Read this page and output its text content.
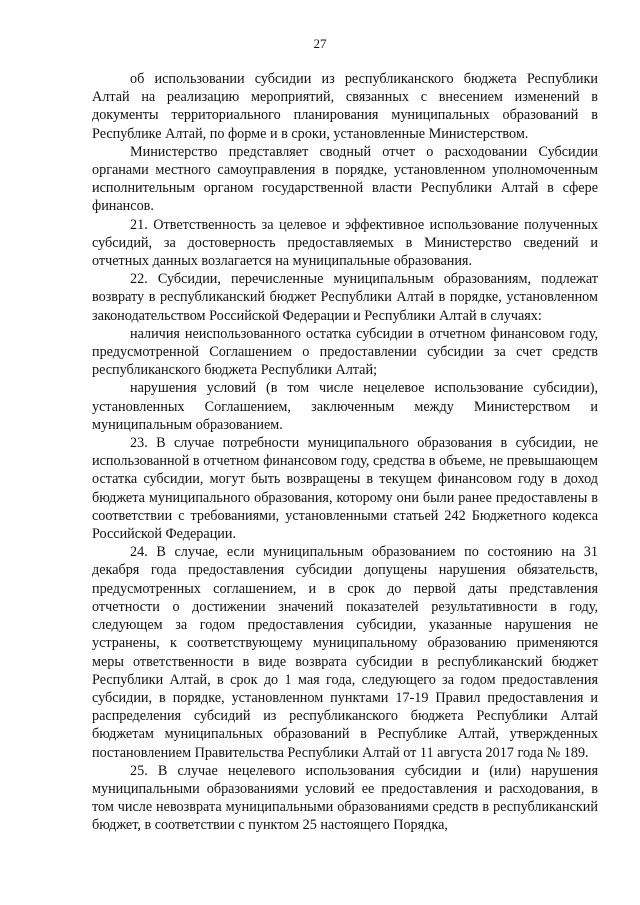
27

об использовании субсидии из республиканского бюджета Республики Алтай на реализацию мероприятий, связанных с внесением изменений в документы территориального планирования муниципальных образований в Республике Алтай, по форме и в сроки, установленные Министерством.

Министерство представляет сводный отчет о расходовании Субсидии органами местного самоуправления в порядке, установленном уполномоченным исполнительным органом государственной власти Республики Алтай в сфере финансов.

21. Ответственность за целевое и эффективное использование полученных субсидий, за достоверность предоставляемых в Министерство сведений и отчетных данных возлагается на муниципальные образования.

22. Субсидии, перечисленные муниципальным образованиям, подлежат возврату в республиканский бюджет Республики Алтай в порядке, установленном законодательством Российской Федерации и Республики Алтай в случаях:

наличия неиспользованного остатка субсидии в отчетном финансовом году, предусмотренной Соглашением о предоставлении субсидии за счет средств республиканского бюджета Республики Алтай;

нарушения условий (в том числе нецелевое использование субсидии), установленных Соглашением, заключенным между Министерством и муниципальным образованием.

23. В случае потребности муниципального образования в субсидии, не использованной в отчетном финансовом году, средства в объеме, не превышающем остатка субсидии, могут быть возвращены в текущем финансовом году в доход бюджета муниципального образования, которому они были ранее предоставлены в соответствии с требованиями, установленными статьей 242 Бюджетного кодекса Российской Федерации.

24. В случае, если муниципальным образованием по состоянию на 31 декабря года предоставления субсидии допущены нарушения обязательств, предусмотренных соглашением, и в срок до первой даты представления отчетности о достижении значений показателей результативности в году, следующем за годом предоставления субсидии, указанные нарушения не устранены, к соответствующему муниципальному образованию применяются меры ответственности в виде возврата субсидии в республиканский бюджет Республики Алтай, в срок до 1 мая года, следующего за годом предоставления субсидии, в порядке, установленном пунктами 17-19 Правил предоставления и распределения субсидий из республиканского бюджета Республики Алтай бюджетам муниципальных образований в Республике Алтай, утвержденных постановлением Правительства Республики Алтай от 11 августа 2017 года № 189.

25. В случае нецелевого использования субсидии и (или) нарушения муниципальными образованиями условий ее предоставления и расходования, в том числе невозврата муниципальными образованиями средств в республиканский бюджет, в соответствии с пунктом 25 настоящего Порядка,
